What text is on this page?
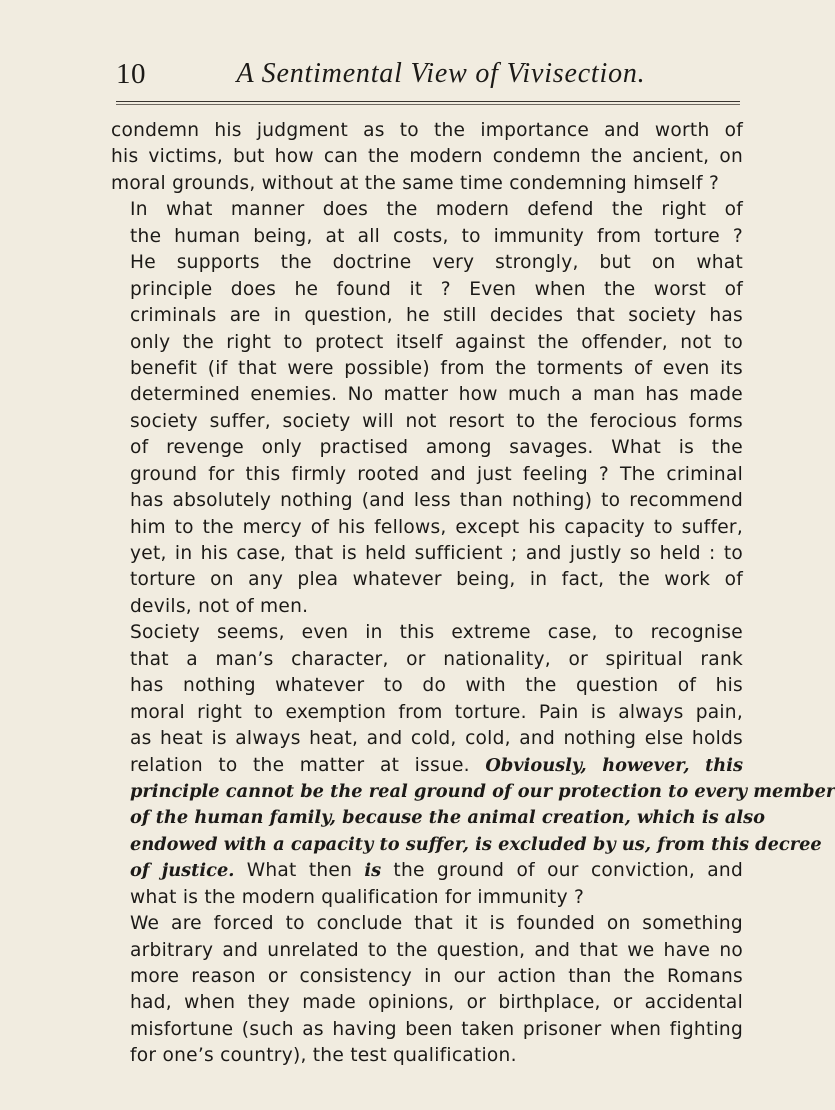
10	A Sentimental View of Vivisection.
condemn his judgment as to the importance and worth of
his victims, but how can the modern condemn the ancient, on
moral grounds, without at the same time condemning himself ?
In what manner does the modern defend the right of
the human being, at all costs, to immunity from torture ?
He supports the doctrine very strongly, but on what
principle does he found it ? Even when the worst of
criminals are in question, he still decides that society has
only the right to protect itself against the offender, not to
benefit (if that were possible) from the torments of even its
determined enemies. No matter how much a man has made
society suffer, society will not resort to the ferocious forms
of revenge only practised among savages. What is the
ground for this firmly rooted and just feeling ? The criminal
has absolutely nothing (and less than nothing) to recommend
him to the mercy of his fellows, except his capacity to suffer,
yet, in his case, that is held sufficient ; and justly so held : to
torture on any plea whatever being, in fact, the work of
devils, not of men.
Society seems, even in this extreme case, to recognise
that a man’s character, or nationality, or spiritual rank
has nothing whatever to do with the question of his
moral right to exemption from torture. Pain is always pain,
as heat is always heat, and cold, cold, and nothing else holds
relation to the matter at issue. Obviously, however, this
principle cannot be the real ground of our protection to every member
of the human family, because the animal creation, which is also
endowed with a capacity to suffer, is excluded by us, from this decree
of justice. What then is the ground of our conviction, and
what is the modern qualification for immunity ?
We are forced to conclude that it is founded on something
arbitrary and unrelated to the question, and that we have no
more reason or consistency in our action than the Romans
had, when they made opinions, or birthplace, or accidental
misfortune (such as having been taken prisoner when fighting
for one’s country), the test qualification.
